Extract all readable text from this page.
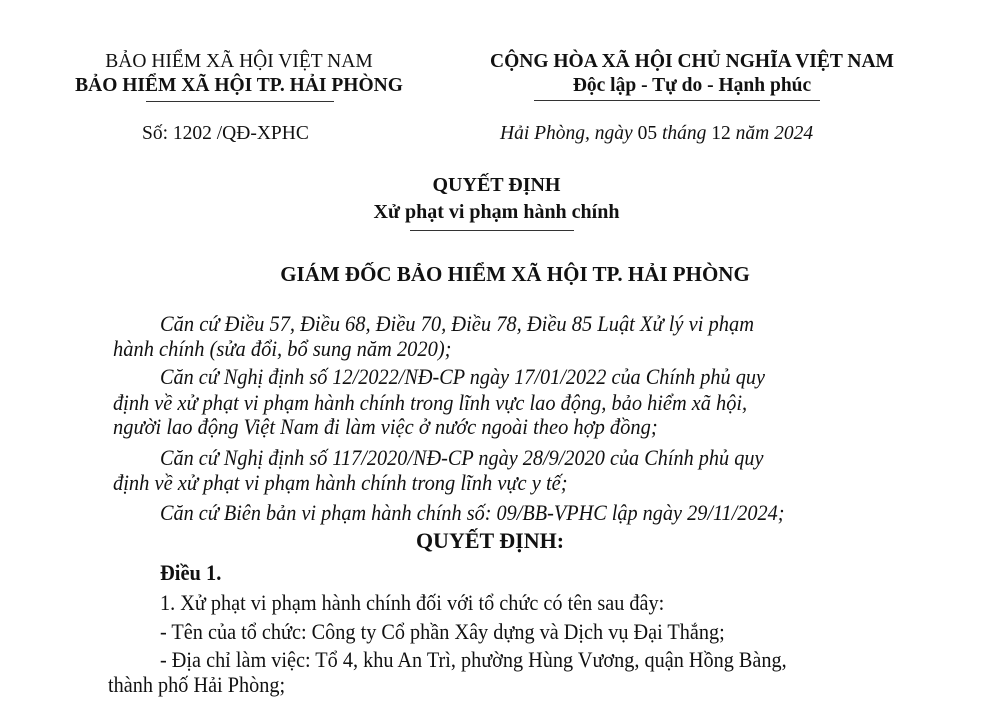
BẢO HIỂM XÃ HỘI VIỆT NAM
BẢO HIỂM XÃ HỘI TP. HẢI PHÒNG
Số: 1202 /QĐ-XPHC
CỘNG HÒA XÃ HỘI CHỦ NGHĨA VIỆT NAM
Độc lập - Tự do - Hạnh phúc
Hải Phòng, ngày 05 tháng 12 năm 2024
QUYẾT ĐỊNH
Xử phạt vi phạm hành chính
GIÁM ĐỐC BẢO HIỂM XÃ HỘI TP. HẢI PHÒNG
Căn cứ Điều 57, Điều 68, Điều 70, Điều 78, Điều 85 Luật Xử lý vi phạm
hành chính (sửa đổi, bổ sung năm 2020);
Căn cứ Nghị định số 12/2022/NĐ-CP ngày 17/01/2022 của Chính phủ quy
định về xử phạt vi phạm hành chính trong lĩnh vực lao động, bảo hiểm xã hội,
người lao động Việt Nam đi làm việc ở nước ngoài theo hợp đồng;
Căn cứ Nghị định số 117/2020/NĐ-CP ngày 28/9/2020 của Chính phủ quy
định về xử phạt vi phạm hành chính trong lĩnh vực y tế;
Căn cứ Biên bản vi phạm hành chính số: 09/BB-VPHC lập ngày 29/11/2024;
QUYẾT ĐỊNH:
Điều 1.
1. Xử phạt vi phạm hành chính đối với tổ chức có tên sau đây:
- Tên của tổ chức: Công ty Cổ phần Xây dựng và Dịch vụ Đại Thắng;
- Địa chỉ làm việc: Tổ 4, khu An Trì, phường Hùng Vương, quận Hồng Bàng,
thành phố Hải Phòng;
